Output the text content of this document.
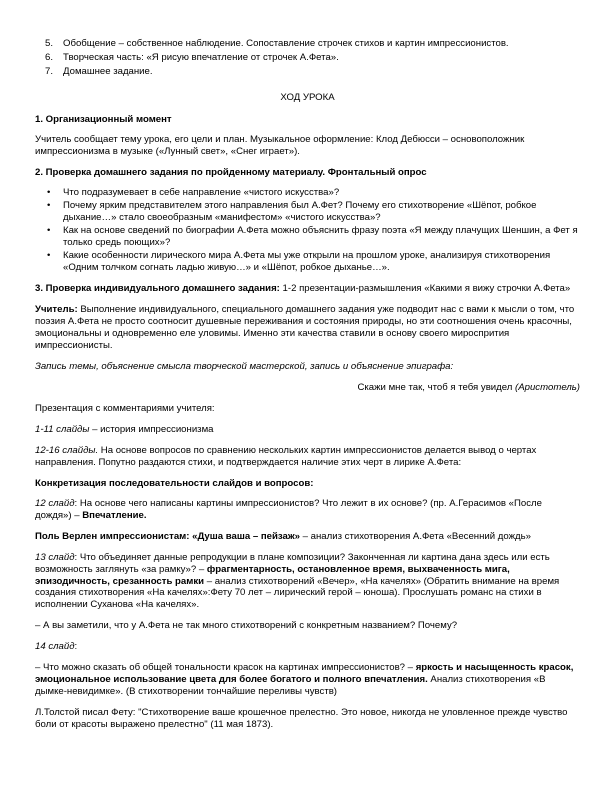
5. Обобщение – собственное наблюдение. Сопоставление строчек стихов и картин импрессионистов.
6. Творческая часть: «Я рисую впечатление от строчек А.Фета».
7. Домашнее задание.
ХОД УРОКА
1. Организационный момент

Учитель сообщает тему урока, его цели и план. Музыкальное оформление: Клод Дебюсси – основоположник импрессионизма в музыке («Лунный свет», «Снег играет»).

2. Проверка домашнего задания по пройденному материалу. Фронтальный опрос
• Что подразумевает в себе направление «чистого искусства»?
• Почему ярким представителем этого направления был А.Фет? Почему его стихотворение «Шёпот, робкое дыхание…» стало своеобразным «манифестом» «чистого искусства»?
• Как на основе сведений по биографии А.Фета можно объяснить фразу поэта «Я между плачущих Шеншин, а Фет я только средь поющих»?
• Какие особенности лирического мира А.Фета мы уже открыли на прошлом уроке, анализируя стихотворения «Одним толчком согнать ладью живую…» и «Шёпот, робкое дыханье…».

3. Проверка индивидуального домашнего задания: 1-2 презентации-размышления «Какими я вижу строчки А.Фета»

Учитель: Выполнение индивидуального, специального домашнего задания уже подводит нас с вами к мысли о том, что поэзия А.Фета не просто соотносит душевные переживания и состояния природы, но эти соотношения очень красочны, эмоциональны и одновременно еле уловимы. Именно эти качества ставили в основу своего мироспрития импрессионисты.

Запись темы, объяснение смысла творческой мастерской, запись и объяснение эпиграфа:

Скажи мне так, чтоб я тебя увидел (Аристотель)

Презентация с комментариями учителя:

1-11 слайды – история импрессионизма

12-16 слайды. На основе вопросов по сравнению нескольких картин импрессионистов делается вывод о чертах направления. Попутно раздаются стихи, и подтверждается наличие этих черт в лирике А.Фета:

Конкретизация последовательности слайдов и вопросов:

12 слайд: На основе чего написаны картины импрессионистов? Что лежит в их основе? (пр. А.Герасимов «После дождя») – Впечатление.

Поль Верлен импрессионистам: «Душа ваша – пейзаж» – анализ стихотворения А.Фета «Весенний дождь»

13 слайд: Что объединяет данные репродукции в плане композиции? Законченная ли картина дана здесь или есть возможность заглянуть «за рамку»? – фрагментарность, остановленное время, выхваченность мига, эпизодичность, срезанность рамки – анализ стихотворений «Вечер», «На качелях» (Обратить внимание на время создания стихотворения «На качелях»:Фету 70 лет – лирический герой – юноша). Прослушать романс на стихи в исполнении Суханова «На качелях».

– А вы заметили, что у А.Фета не так много стихотворений с конкретным названием? Почему?

14 слайд:

– Что можно сказать об общей тональности красок на картинах импрессионистов? – яркость и насыщенность красок, эмоциональное использование цвета для более богатого и полного впечатления. Анализ стихотворения «В дымке-невидимке». (В стихотворении тончайшие переливы чувств)

Л.Толстой писал Фету: "Стихотворение ваше крошечное прелестно. Это новое, никогда не уловленное прежде чувство боли от красоты выражено прелестно" (11 мая 1873).
